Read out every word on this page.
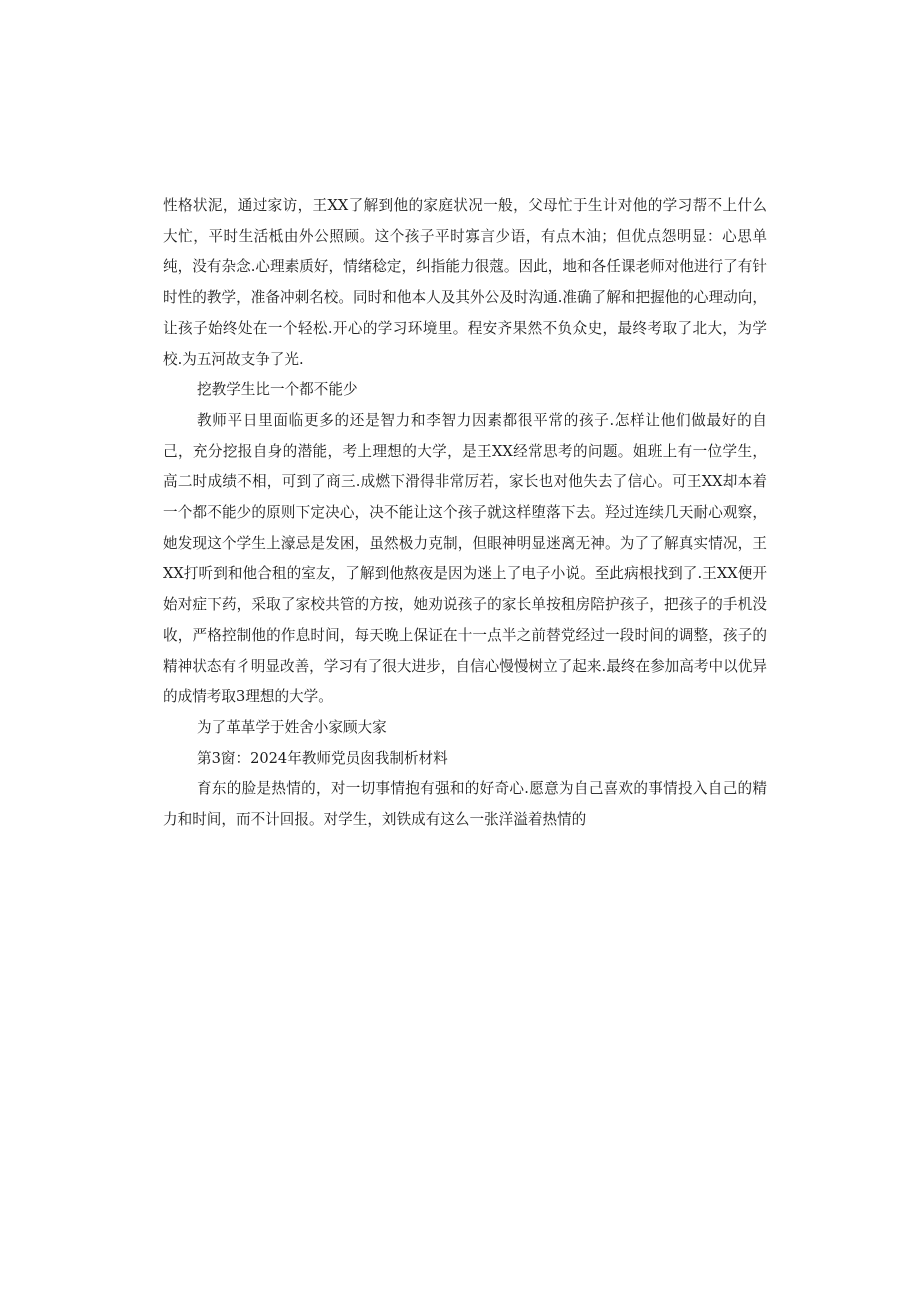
性格状泥，通过家访，王XX了解到他的家庭状况一般，父母忙于生计对他的学习帮不上什么大忙，平时生活柢由外公照顾。这个孩子平时寡言少语，有点木油；但优点怨明显：心思单纯，没有杂念.心理素质好，情绪稔定，纠指能力很蔻。因此，地和各任课老师对他进行了有针时性的教学，准备冲刺名校。同时和他本人及其外公及时沟通.准确了解和把握他的心理动向，让孩子始终处在一个轻松.开心的学习环境里。程安齐果然不负众史，最终考取了北大，为学校.为五河故支争了光.

挖教学生比一个都不能少

教师平日里面临更多的还是智力和李智力因素都很平常的孩子.怎样让他们做最好的自己，充分挖报自身的潜能，考上理想的大学，是王XX经常思考的问题。姐班上有一位学生，高二时成绩不相，可到了商三.成燃下滑得非常厉若，家长也对他失去了信心。可王XX却本着一个都不能少的原则下定决心，决不能让这个孩子就这样堕落下去。羟过连续几天耐心观察，她发现这个学生上濠忌是发困，虽然极力克制，但眼神明显迷离无神。为了了解真实情况，王XX打听到和他合租的室友，了解到他熬夜是因为迷上了电子小说。至此病根找到了.王XX便开始对症下药，采取了家校共管的方按，她劝说孩子的家长单按租房陪护孩子，把孩子的手机没收，严格控制他的作息时间，每天晚上保证在十一点半之前替党经过一段时间的调整，孩子的精神状态有彳明显改善，学习有了很大进步，自信心慢慢树立了起来.最终在参加高考中以优异的成情考取3理想的大学。

为了革革学于姓舍小家顾大家

第3窗：2024年教师党员囱我制析材料

育东的脸是热情的，对一切事情抱有强和的好奇心.愿意为自己喜欢的事情投入自己的精力和时间，而不计回报。对学生，刘铁成有这么一张洋溢着热情的
